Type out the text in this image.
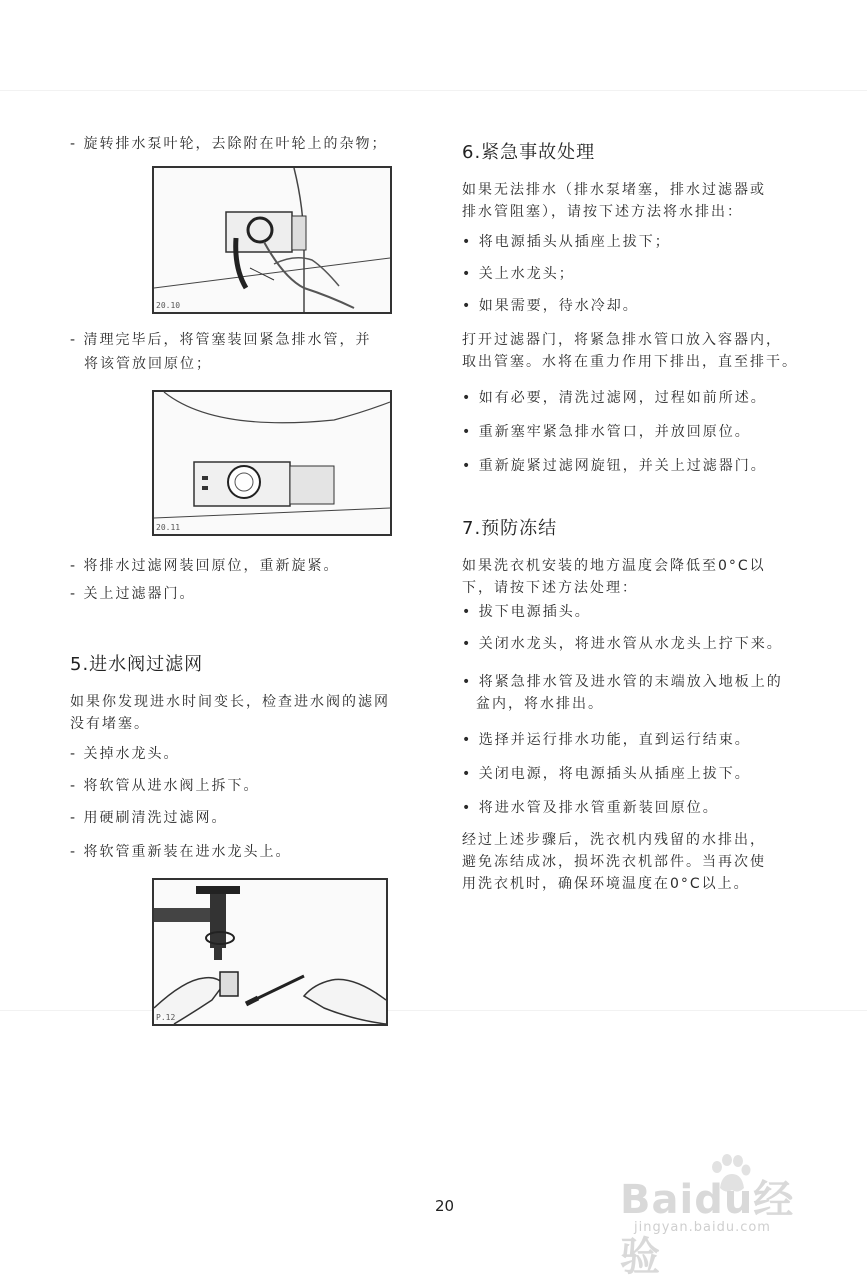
- 旋转排水泵叶轮，去除附在叶轮上的杂物；
20.10
- 清理完毕后，将管塞装回紧急排水管，并
将该管放回原位；
20.11
- 将排水过滤网装回原位，重新旋紧。
- 关上过滤器门。
5.进水阀过滤网
如果你发现进水时间变长，检查进水阀的滤网
没有堵塞。
- 关掉水龙头。
- 将软管从进水阀上拆下。
- 用硬刷清洗过滤网。
- 将软管重新装在进水龙头上。
P.12
6.紧急事故处理
如果无法排水（排水泵堵塞，排水过滤器或
排水管阻塞），请按下述方法将水排出：
• 将电源插头从插座上拔下；
• 关上水龙头；
• 如果需要，待水冷却。
打开过滤器门，将紧急排水管口放入容器内，
取出管塞。水将在重力作用下排出，直至排干。
• 如有必要，清洗过滤网，过程如前所述。
• 重新塞牢紧急排水管口，并放回原位。
• 重新旋紧过滤网旋钮，并关上过滤器门。
7.预防冻结
如果洗衣机安装的地方温度会降低至0°C以
下，请按下述方法处理：
• 拔下电源插头。
• 关闭水龙头，将进水管从水龙头上拧下来。
• 将紧急排水管及进水管的末端放入地板上的
盆内，将水排出。
• 选择并运行排水功能，直到运行结束。
• 关闭电源，将电源插头从插座上拔下。
• 将进水管及排水管重新装回原位。
经过上述步骤后，洗衣机内残留的水排出，
避免冻结成冰，损坏洗衣机部件。当再次使
用洗衣机时，确保环境温度在0°C以上。
20	Baidu经验
jingyan.baidu.com
